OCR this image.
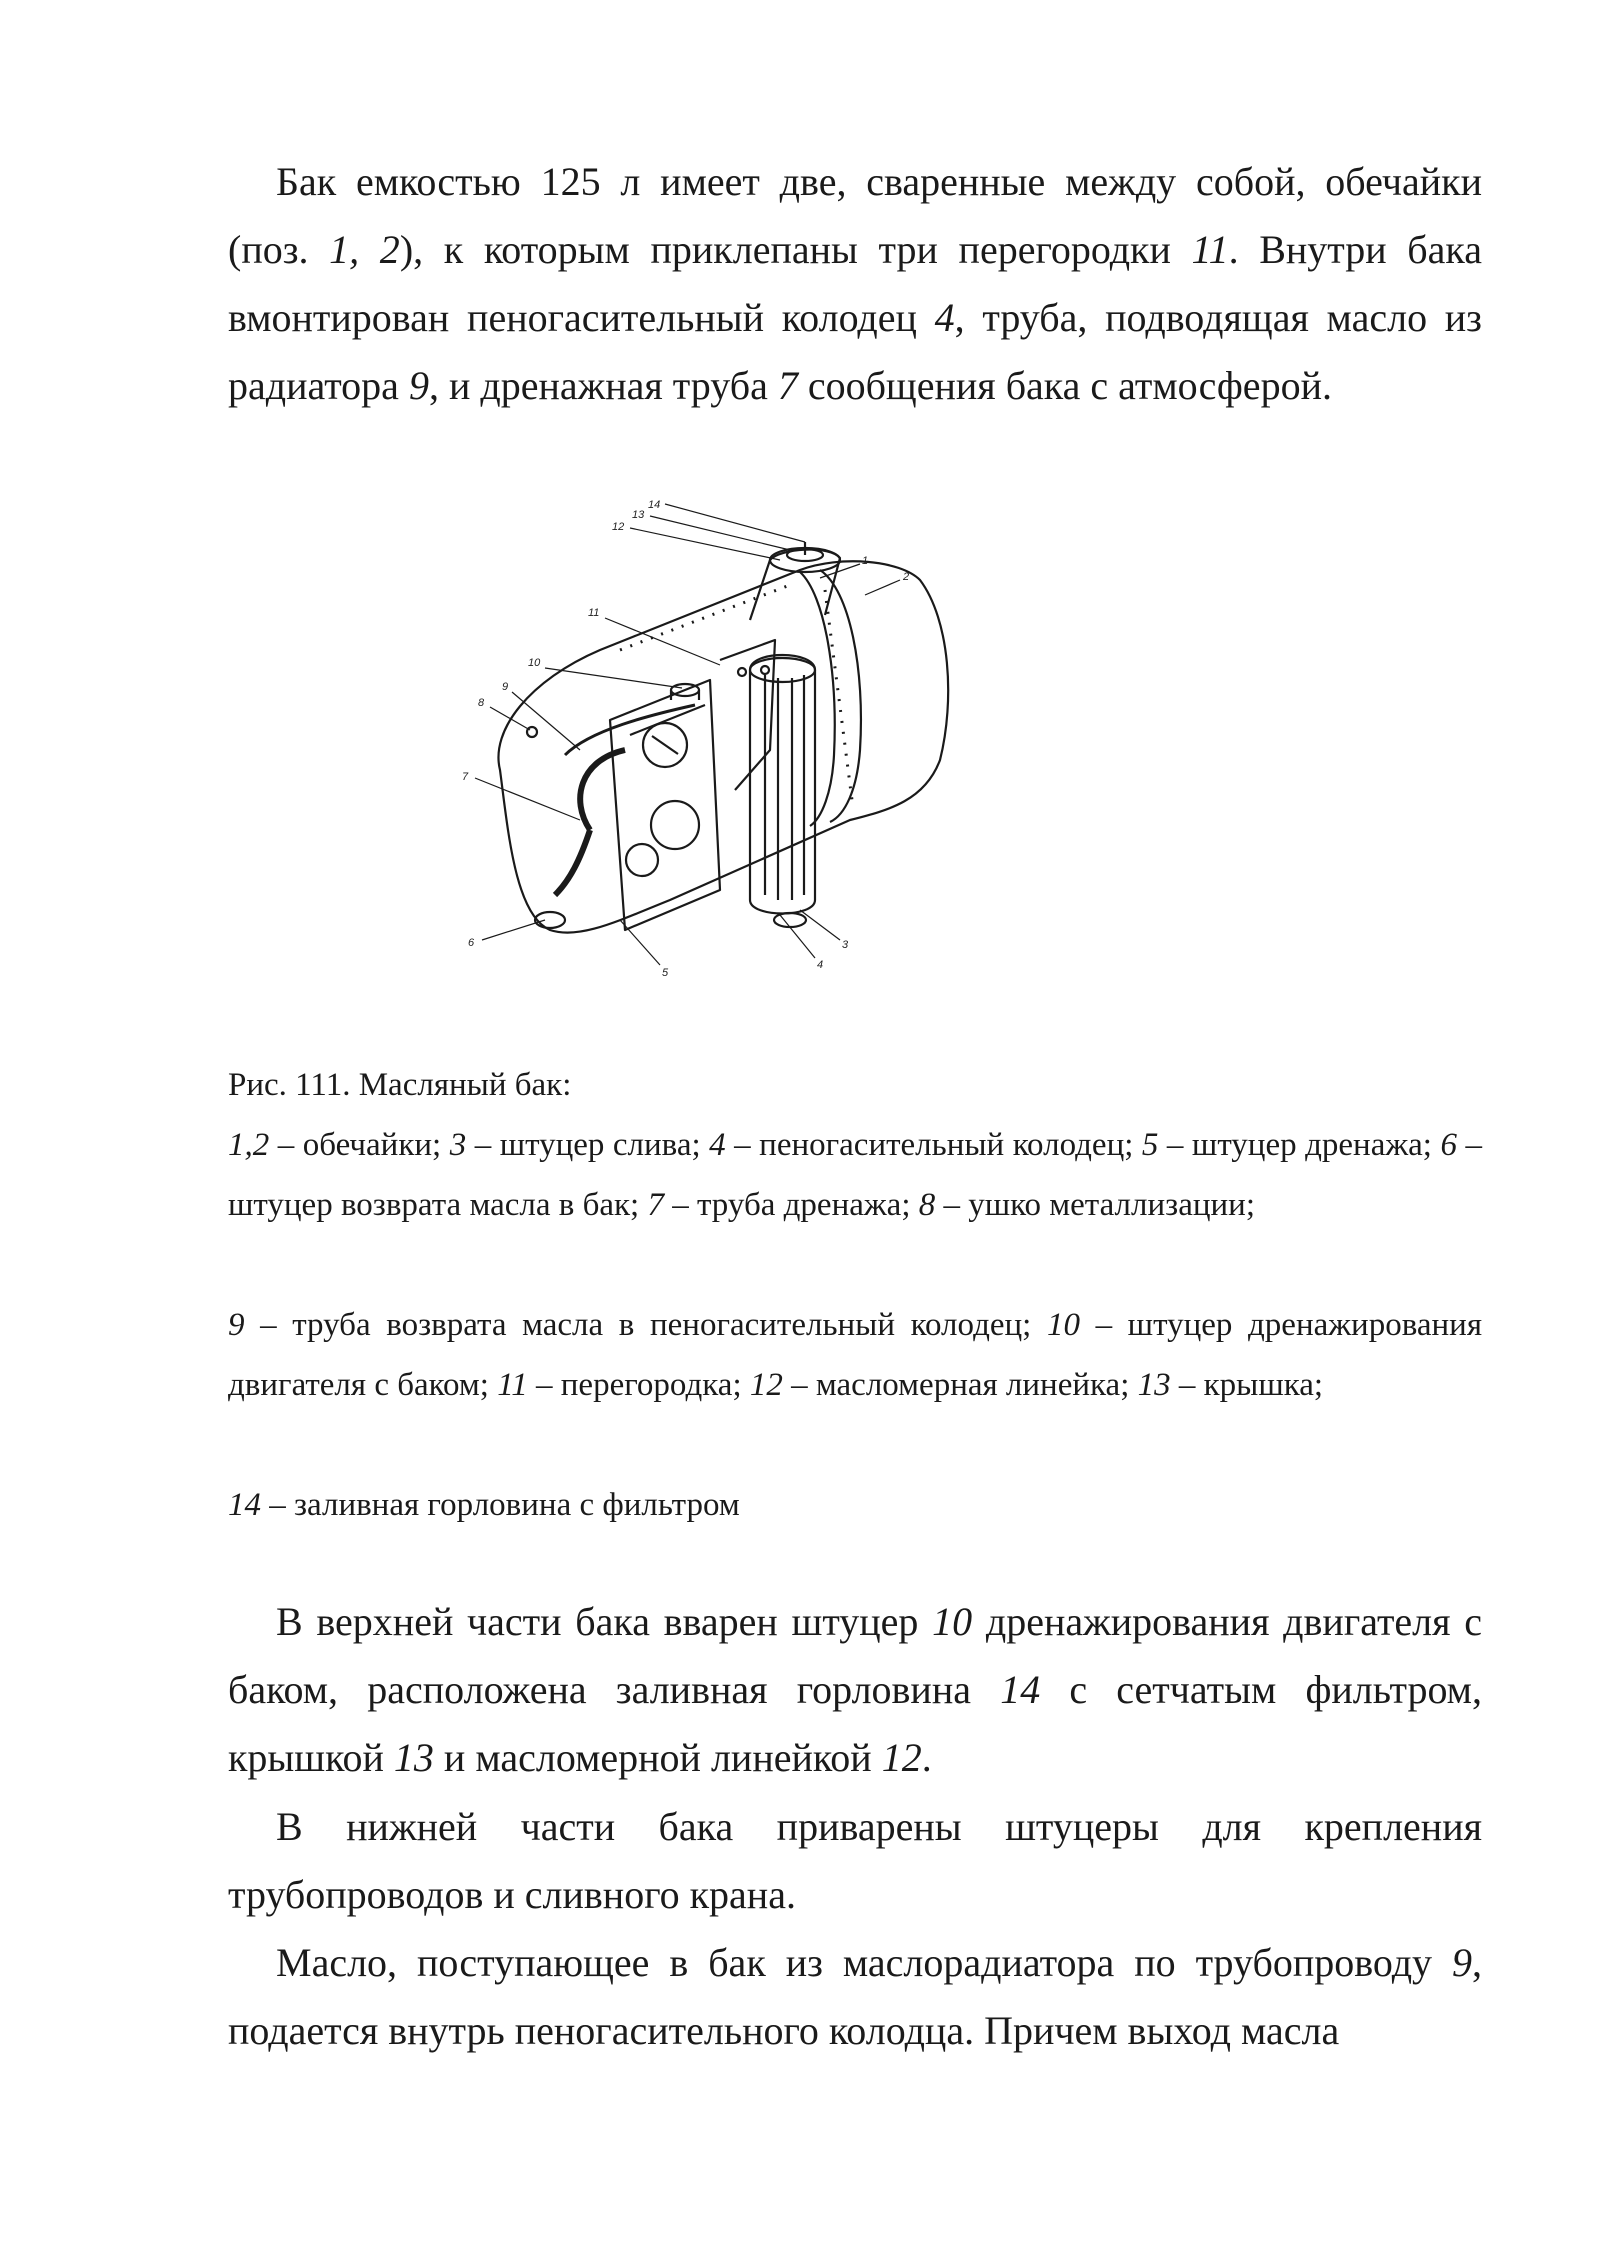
Бак емкостью 125 л имеет две, сваренные между собой, обечайки (поз. 1, 2), к которым приклепаны три перегородки 11. Внутри бака вмонтирован пеногасительный колодец 4, труба, подводящая масло из радиатора 9, и дренажная труба 7 сообщения бака с атмосферой.

1
2
3
4
5
6
7
8
9
10
11
12
13
14

Рис. 111. Масляный бак:

1,2 – обечайки; 3 – штуцер слива; 4 – пеногасительный колодец; 5 – штуцер дренажа; 6 – штуцер возврата масла в бак; 7 – труба дренажа; 8 – ушко металлизации;

9 – труба возврата масла в пеногасительный колодец; 10 – штуцер дренажирования двигателя с баком; 11 – перегородка; 12 – масломерная линейка; 13 – крышка;

14 – заливная горловина с фильтром

В верхней части бака вварен штуцер 10 дренажирования двигателя с баком, расположена заливная горловина 14 с сетчатым фильтром, крышкой 13 и масломерной линейкой 12.

В нижней части бака приварены штуцеры для крепления трубопроводов и сливного крана.

Масло, поступающее в бак из маслорадиатора по трубопроводу 9, подается внутрь пеногасительного колодца. Причем выход масла
